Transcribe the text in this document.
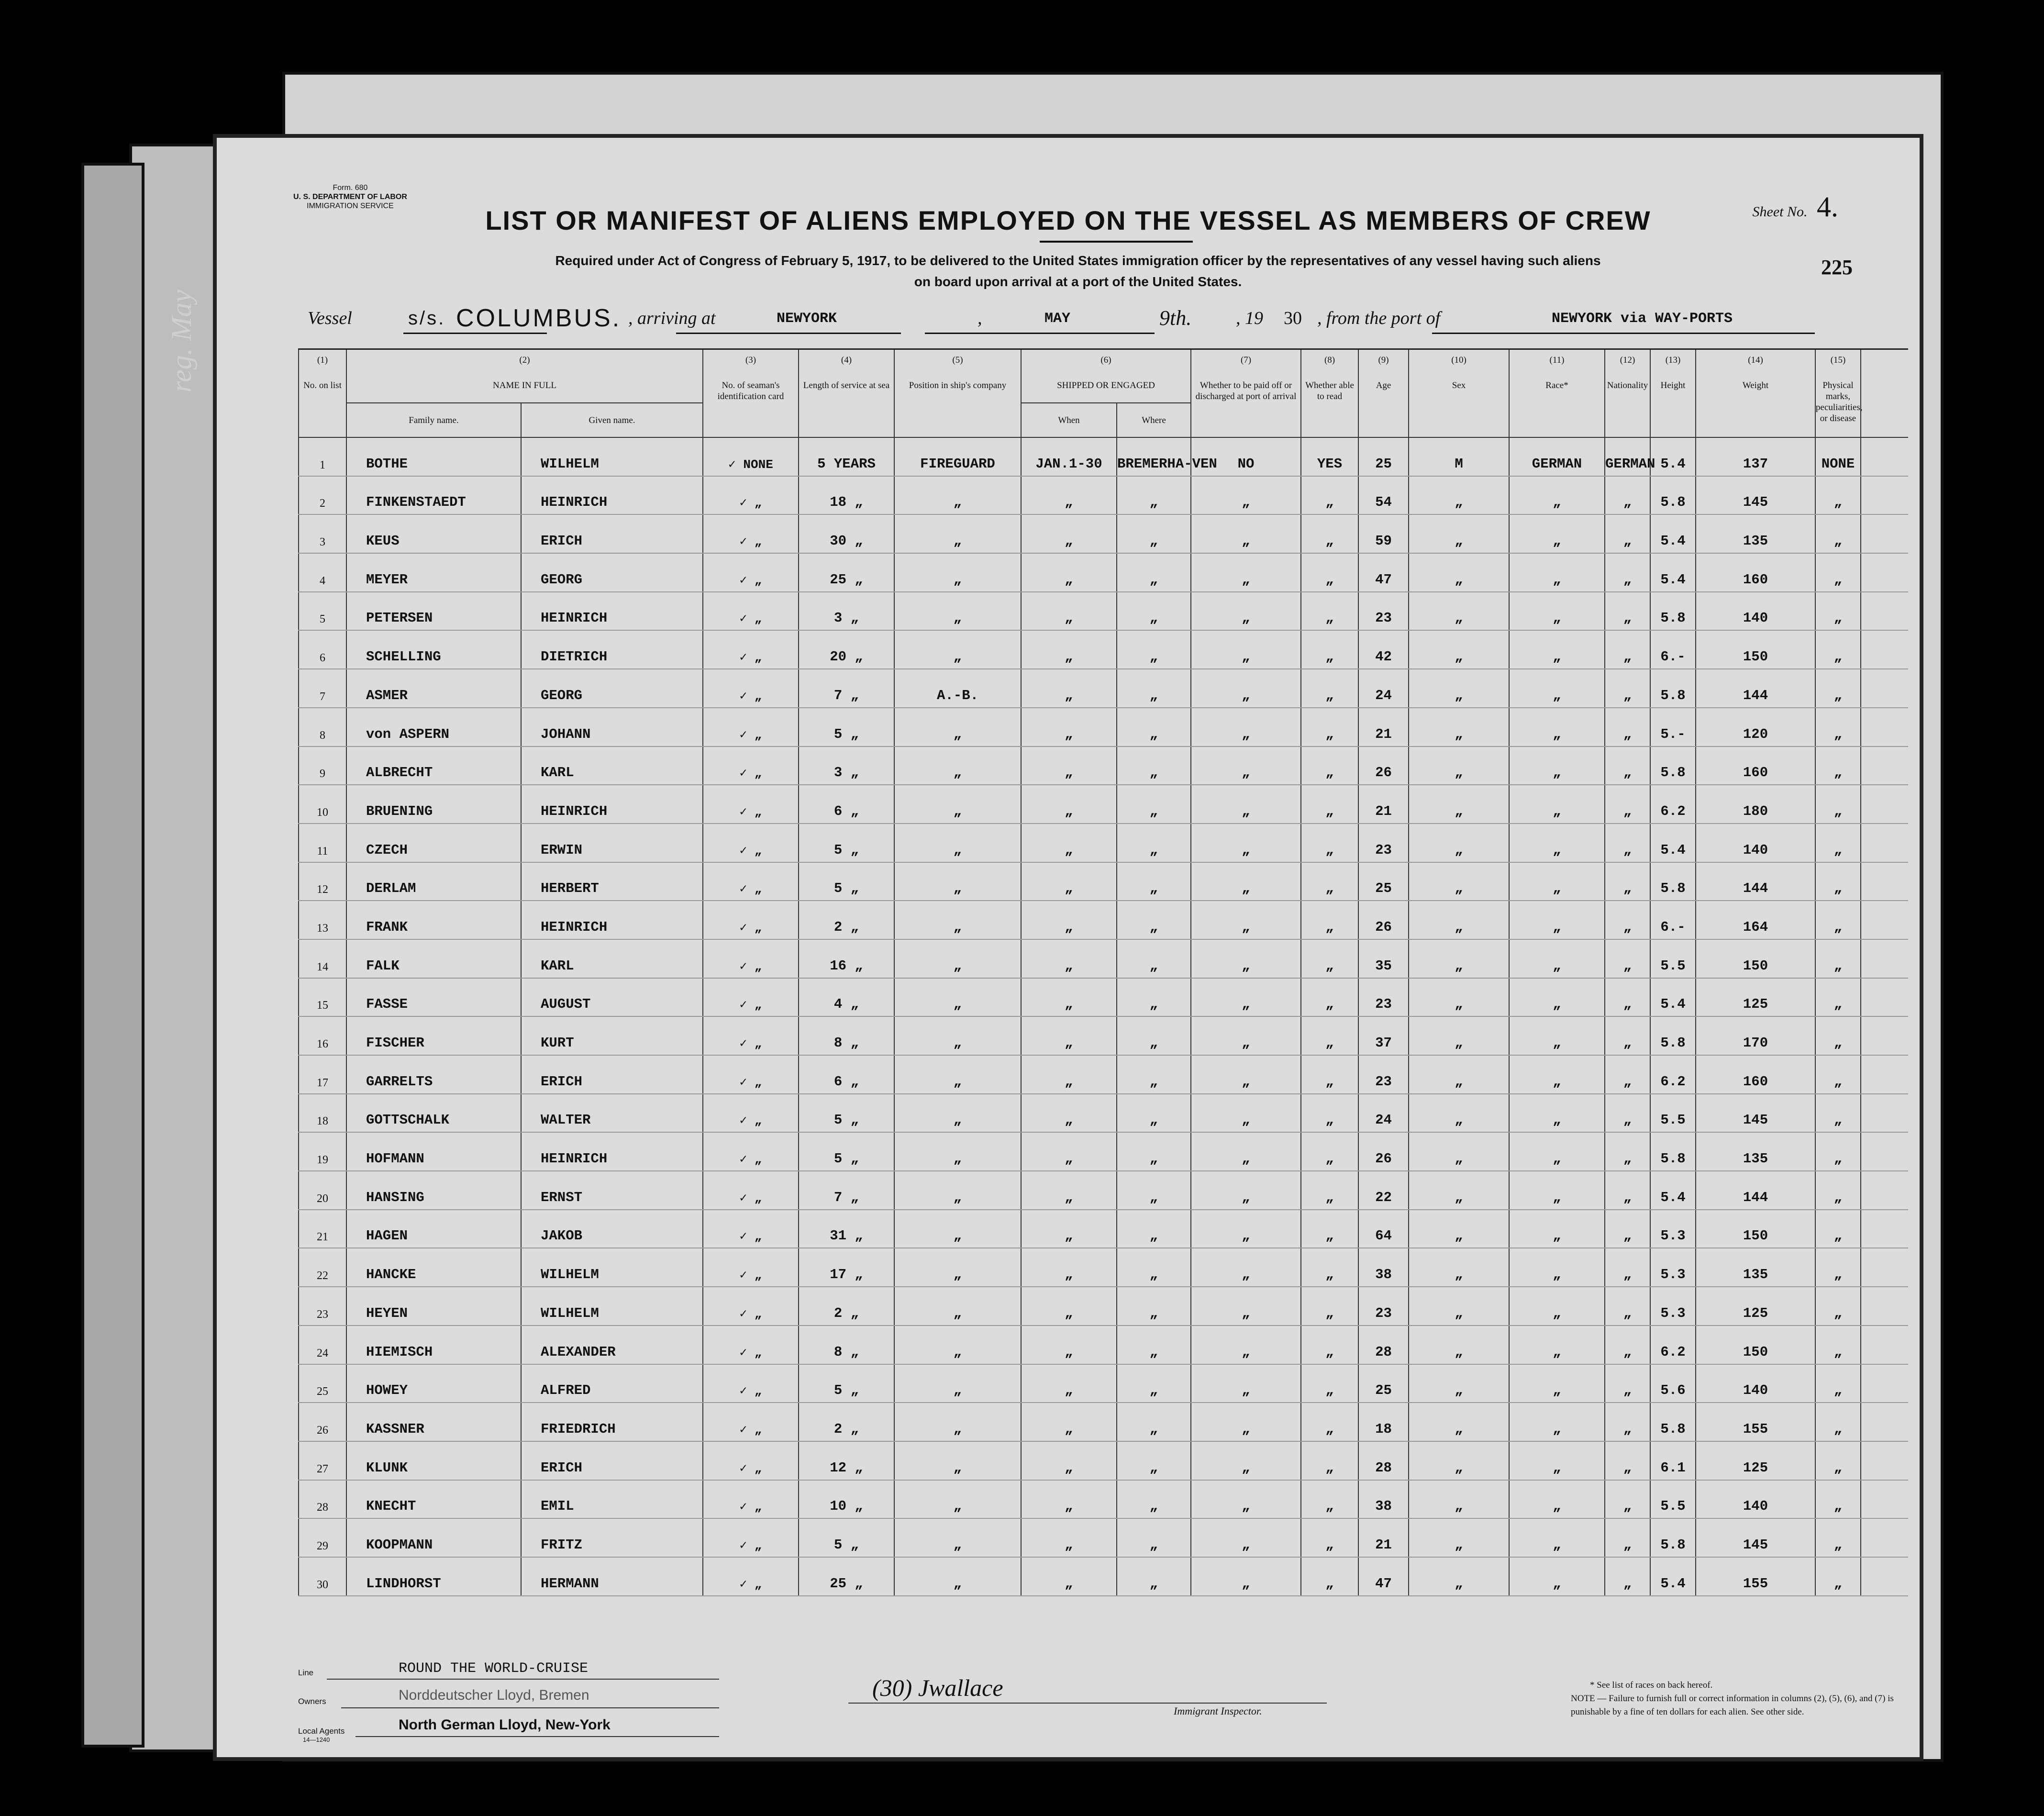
reg. May
Form. 680
U. S. DEPARTMENT OF LABOR
IMMIGRATION SERVICE	Sheet No. 4.
LIST OR MANIFEST OF ALIENS EMPLOYED ON THE VESSEL AS MEMBERS OF CREW
Required under Act of Congress of February 5, 1917, to be delivered to the United States immigration officer by the representatives of any vessel having such aliens
on board upon arrival at a port of the United States.
225
Vessel	s/s. COLUMBUS. , arriving at	NEWYORK	,	MAY	9th. , 19 30 , from the port of	NEWYORK via WAY-PORTS
(1)
No. on list	(2)
NAME IN FULL		(3)
No. of seaman's identification card	(4)
Length of service at sea	(5)
Position in ship's company	(6)
SHIPPED OR ENGAGED		(7)
Whether to be paid off or discharged at port of arrival	(8)
Whether able to read	(9)
Age	(10)
Sex	(11)
Race*	(12)
Nationality	(13)
Height	(14)
Weight	(15)
Physical marks, peculiarities, or disease	
	Family name.	Given name.				When	Where										
1	BOTHE	WILHELM	✓ NONE	5 YEARS	FIREGUARD	JAN.1-30	BREMERHA-VEN	NO	YES	25	M	GERMAN	GERMAN	5.4	137	NONE	
2	FINKENSTAEDT	HEINRICH	✓ „	18 „	„	„	„	„	„	54	„	„	„	5.8	145	„	
3	KEUS	ERICH	✓ „	30 „	„	„	„	„	„	59	„	„	„	5.4	135	„	
4	MEYER	GEORG	✓ „	25 „	„	„	„	„	„	47	„	„	„	5.4	160	„	
5	PETERSEN	HEINRICH	✓ „	3 „	„	„	„	„	„	23	„	„	„	5.8	140	„	
6	SCHELLING	DIETRICH	✓ „	20 „	„	„	„	„	„	42	„	„	„	6.-	150	„	
7	ASMER	GEORG	✓ „	7 „	A.-B.	„	„	„	„	24	„	„	„	5.8	144	„	
8	von ASPERN	JOHANN	✓ „	5 „	„	„	„	„	„	21	„	„	„	5.-	120	„	
9	ALBRECHT	KARL	✓ „	3 „	„	„	„	„	„	26	„	„	„	5.8	160	„	
10	BRUENING	HEINRICH	✓ „	6 „	„	„	„	„	„	21	„	„	„	6.2	180	„	
11	CZECH	ERWIN	✓ „	5 „	„	„	„	„	„	23	„	„	„	5.4	140	„	
12	DERLAM	HERBERT	✓ „	5 „	„	„	„	„	„	25	„	„	„	5.8	144	„	
13	FRANK	HEINRICH	✓ „	2 „	„	„	„	„	„	26	„	„	„	6.-	164	„	
14	FALK	KARL	✓ „	16 „	„	„	„	„	„	35	„	„	„	5.5	150	„	
15	FASSE	AUGUST	✓ „	4 „	„	„	„	„	„	23	„	„	„	5.4	125	„	
16	FISCHER	KURT	✓ „	8 „	„	„	„	„	„	37	„	„	„	5.8	170	„	
17	GARRELTS	ERICH	✓ „	6 „	„	„	„	„	„	23	„	„	„	6.2	160	„	
18	GOTTSCHALK	WALTER	✓ „	5 „	„	„	„	„	„	24	„	„	„	5.5	145	„	
19	HOFMANN	HEINRICH	✓ „	5 „	„	„	„	„	„	26	„	„	„	5.8	135	„	
20	HANSING	ERNST	✓ „	7 „	„	„	„	„	„	22	„	„	„	5.4	144	„	
21	HAGEN	JAKOB	✓ „	31 „	„	„	„	„	„	64	„	„	„	5.3	150	„	
22	HANCKE	WILHELM	✓ „	17 „	„	„	„	„	„	38	„	„	„	5.3	135	„	
23	HEYEN	WILHELM	✓ „	2 „	„	„	„	„	„	23	„	„	„	5.3	125	„	
24	HIEMISCH	ALEXANDER	✓ „	8 „	„	„	„	„	„	28	„	„	„	6.2	150	„	
25	HOWEY	ALFRED	✓ „	5 „	„	„	„	„	„	25	„	„	„	5.6	140	„	
26	KASSNER	FRIEDRICH	✓ „	2 „	„	„	„	„	„	18	„	„	„	5.8	155	„	
27	KLUNK	ERICH	✓ „	12 „	„	„	„	„	„	28	„	„	„	6.1	125	„	
28	KNECHT	EMIL	✓ „	10 „	„	„	„	„	„	38	„	„	„	5.5	140	„	
29	KOOPMANN	FRITZ	✓ „	5 „	„	„	„	„	„	21	„	„	„	5.8	145	„	
30	LINDHORST	HERMANN	✓ „	25 „	„	„	„	„	„	47	„	„	„	5.4	155	„	
Line	ROUND THE WORLD-CRUISE
Owners	Norddeutscher Lloyd, Bremen
Local Agents
14—1240
North German Lloyd, New-York
(30) Jwallace
Immigrant Inspector.
* See list of races on back hereof.
NOTE — Failure to furnish full or correct information in columns (2), (5), (6), and (7) is punishable by a fine of ten dollars for each alien. See other side.
